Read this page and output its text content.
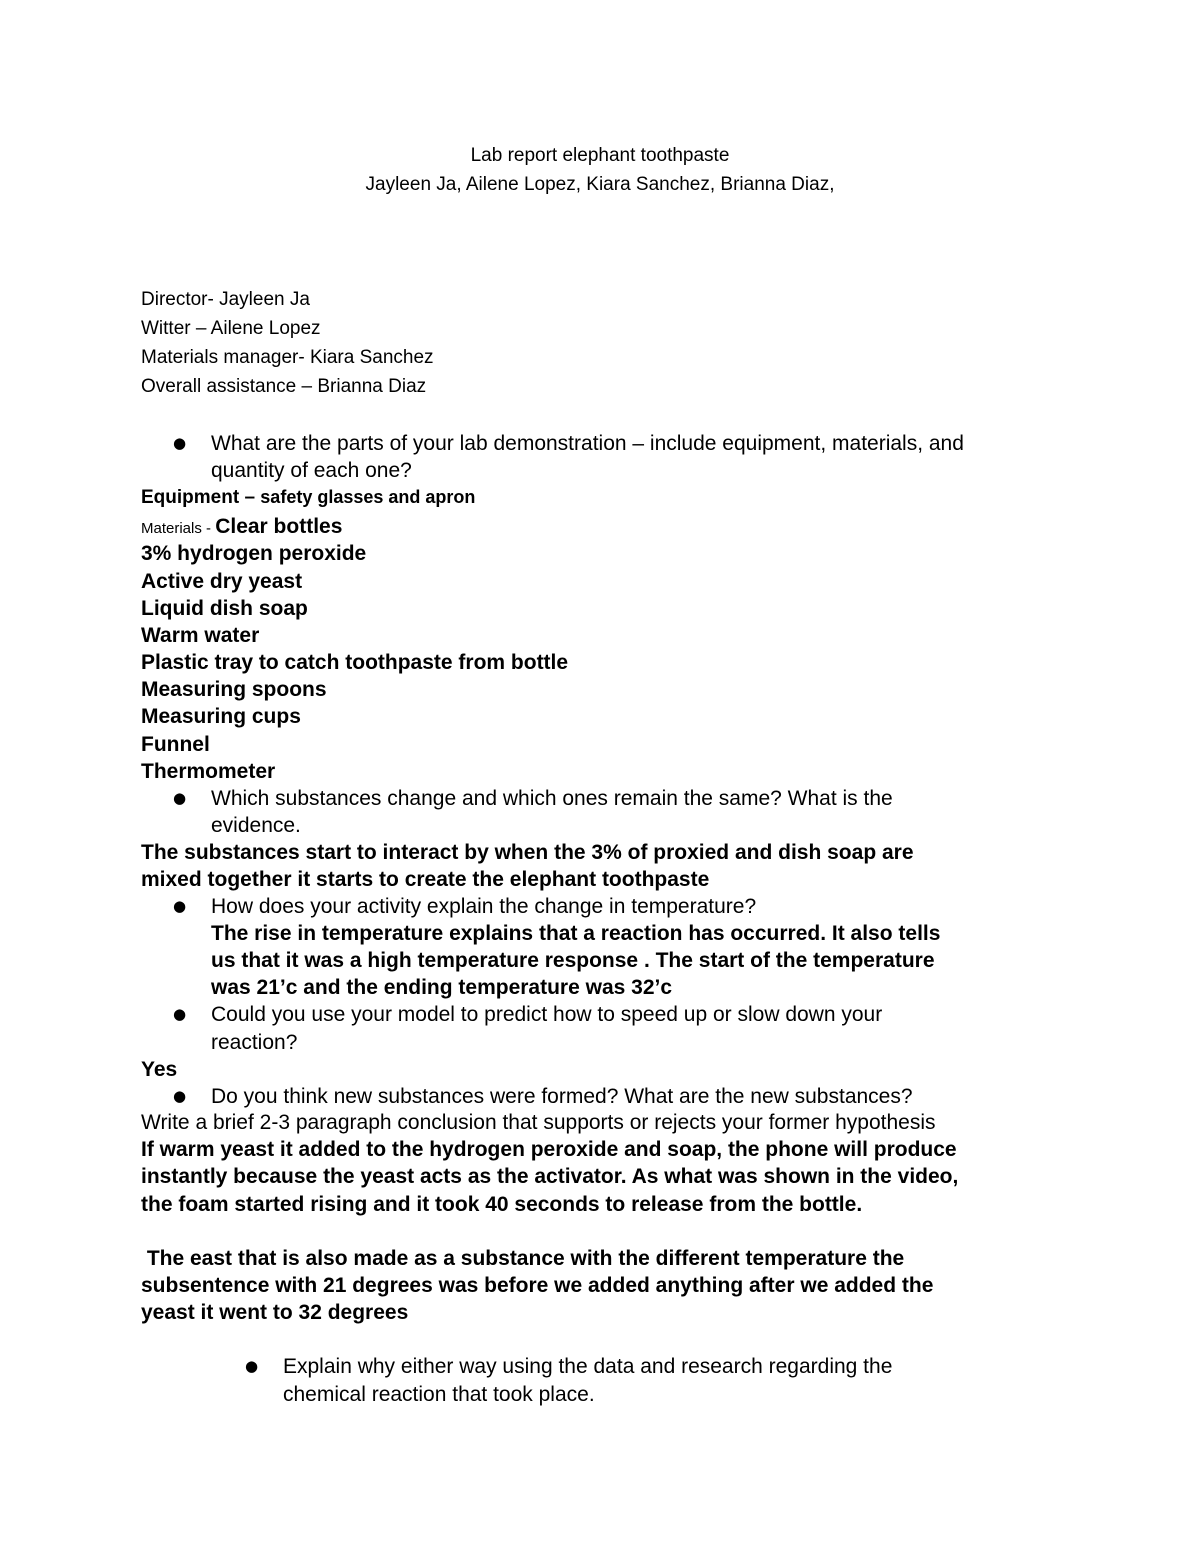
Lab report elephant toothpaste
Jayleen Ja, Ailene Lopez, Kiara Sanchez, Brianna Diaz,
Director- Jayleen Ja
Witter – Ailene Lopez
Materials manager- Kiara Sanchez
Overall assistance – Brianna Diaz
● What are the parts of your lab demonstration – include equipment, materials, and
quantity of each one?
Equipment – safety glasses and apron
Materials - Clear bottles
3% hydrogen peroxide
Active dry yeast
Liquid dish soap
Warm water
Plastic tray to catch toothpaste from bottle
Measuring spoons
Measuring cups
Funnel
Thermometer
● Which substances change and which ones remain the same? What is the
evidence.
The substances start to interact by when the 3% of proxied and dish soap are
mixed together it starts to create the elephant toothpaste
● How does your activity explain the change in temperature?
The rise in temperature explains that a reaction has occurred. It also tells
us that it was a high temperature response . The start of the temperature
was 21’c and the ending temperature was 32’c
● Could you use your model to predict how to speed up or slow down your
reaction?
Yes
● Do you think new substances were formed? What are the new substances?
Write a brief 2-3 paragraph conclusion that supports or rejects your former hypothesis
If warm yeast it added to the hydrogen peroxide and soap, the phone will produce
instantly because the yeast acts as the activator. As what was shown in the video,
the foam started rising and it took 40 seconds to release from the bottle.
The east that is also made as a substance with the different temperature the
subsentence with 21 degrees was before we added anything after we added the
yeast it went to 32 degrees
● Explain why either way using the data and research regarding the
chemical reaction that took place.
